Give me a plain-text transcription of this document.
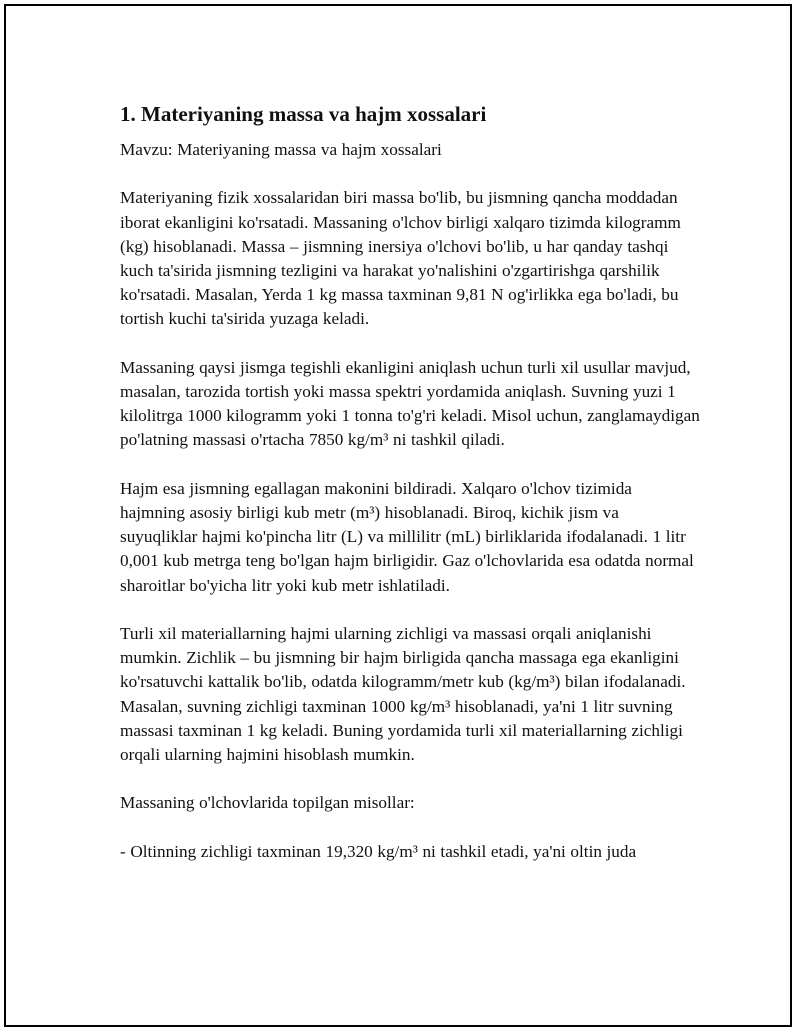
1. Materiyaning massa va hajm xossalari

Mavzu: Materiyaning massa va hajm xossalari

Materiyaning fizik xossalaridan biri massa bo'lib, bu jismning qancha moddadan iborat ekanligini ko'rsatadi. Massaning o'lchov birligi xalqaro tizimda kilogramm (kg) hisoblanadi. Massa – jismning inersiya o'lchovi bo'lib, u har qanday tashqi kuch ta'sirida jismning tezligini va harakat yo'nalishini o'zgartirishga qarshilik ko'rsatadi. Masalan, Yerda 1 kg massa taxminan 9,81 N og'irlikka ega bo'ladi, bu tortish kuchi ta'sirida yuzaga keladi.

Massaning qaysi jismga tegishli ekanligini aniqlash uchun turli xil usullar mavjud, masalan, tarozida tortish yoki massa spektri yordamida aniqlash. Suvning yuzi 1 kilolitrga 1000 kilogramm yoki 1 tonna to'g'ri keladi. Misol uchun, zanglamaydigan po'latning massasi o'rtacha 7850 kg/m³ ni tashkil qiladi.

Hajm esa jismning egallagan makonini bildiradi. Xalqaro o'lchov tizimida hajmning asosiy birligi kub metr (m³) hisoblanadi. Biroq, kichik jism va suyuqliklar hajmi ko'pincha litr (L) va millilitr (mL) birliklarida ifodalanadi. 1 litr 0,001 kub metrga teng bo'lgan hajm birligidir. Gaz o'lchovlarida esa odatda normal sharoitlar bo'yicha litr yoki kub metr ishlatiladi.

Turli xil materiallarning hajmi ularning zichligi va massasi orqali aniqlanishi mumkin. Zichlik – bu jismning bir hajm birligida qancha massaga ega ekanligini ko'rsatuvchi kattalik bo'lib, odatda kilogramm/metr kub (kg/m³) bilan ifodalanadi. Masalan, suvning zichligi taxminan 1000 kg/m³ hisoblanadi, ya'ni 1 litr suvning massasi taxminan 1 kg keladi. Buning yordamida turli xil materiallarning zichligi orqali ularning hajmini hisoblash mumkin.

Massaning o'lchovlarida topilgan misollar:

- Oltinning zichligi taxminan 19,320 kg/m³ ni tashkil etadi, ya'ni oltin juda
